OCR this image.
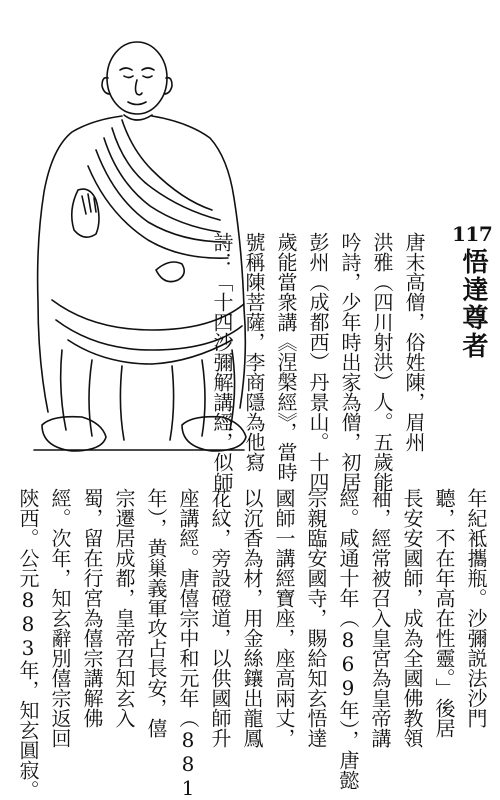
117
悟達尊者
唐末高僧，俗姓陳，眉州
洪雅（四川射洪）人。五歲能
吟詩，少年時出家為僧，初居
彭州（成都西）丹景山。十四
歲能當衆講《涅槃經》，當時
號稱陳菩薩，李商隱為他寫
詩：「十四沙彌解講經，似師
年紀袛攜瓶。沙彌説法沙門
聽，不在年高在性靈。」後居
長安安國師，成為全國佛教領
袖，經常被召入皇宮為皇帝講
經。咸通十年（869年），唐懿
宗親臨安國寺，賜給知玄悟達
國師一講經寶座，座高兩丈，
以沉香為材，用金絲鑲出龍鳳
花紋，旁設磴道，以供國師升
座講經。唐僖宗中和元年（881
年），黄巢義軍攻占長安，僖
宗遷居成都，皇帝召知玄入
蜀，留在行宮為僖宗講解佛
經。次年，知玄辭別僖宗返回
陝西。公元883年，知玄圓寂。
